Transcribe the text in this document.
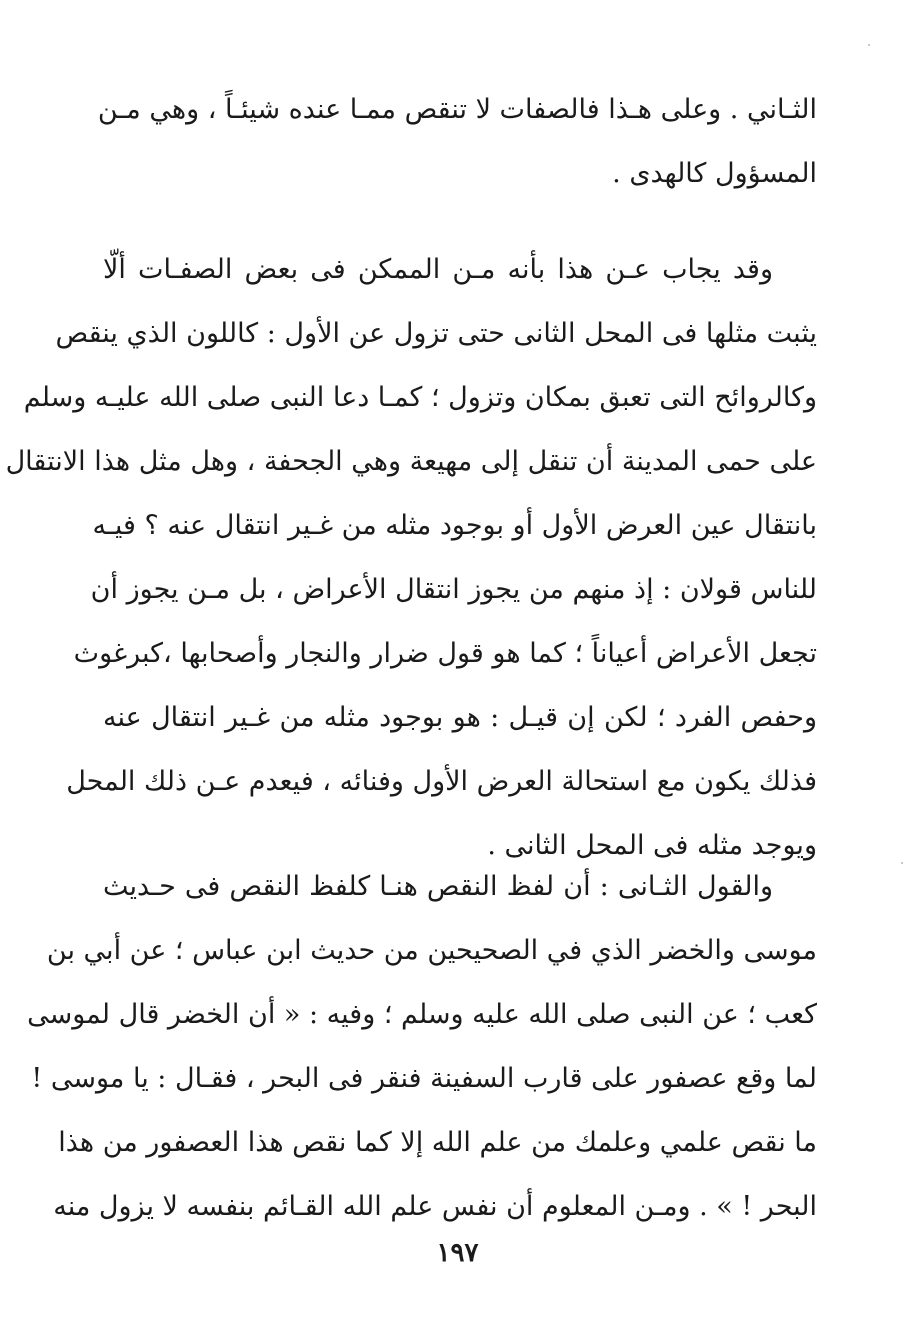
الثـاني . وعلى هـذا فالصفات لا تنقص ممـا عنده شيئـاً ، وهي مـن
المسؤول كالهدى .
وقد يجاب عـن هذا بأنه مـن الممكن فى بعض الصفـات ألّا
يثبت مثلها فى المحل الثانى حتى تزول عن الأول : كاللون الذي ينقص
وكالروائح التى تعبق بمكان وتزول ؛ كمـا دعا النبى صلى الله عليـه وسلم
على حمى المدينة أن تنقل إلى مهيعة وهي الجحفة ، وهل مثل هذا الانتقال
بانتقال عين العرض الأول أو بوجود مثله من غـير انتقال عنه ؟ فيـه
للناس قولان : إذ منهم من يجوز انتقال الأعراض ، بل مـن يجوز أن
تجعل الأعراض أعياناً ؛ كما هو قول ضرار والنجار وأصحابها ،كبرغوث
وحفص الفرد ؛ لكن إن قيـل : هو بوجود مثله من غـير انتقال عنه
فذلك يكون مع استحالة العرض الأول وفنائه ، فيعدم عـن ذلك المحل
ويوجد مثله فى المحل الثانى .
والقول الثـانى : أن لفظ النقص هنـا كلفظ النقص فى حـديث
موسى والخضر الذي في الصحيحين من حديث ابن عباس ؛ عن أبي بن
كعب ؛ عن النبى صلى الله عليه وسلم ؛ وفيه : « أن الخضر قال لموسى
لما وقع عصفور على قارب السفينة فنقر فى البحر ، فقـال : يا موسى !
ما نقص علمي وعلمك من علم الله إلا كما نقص هذا العصفور من هذا
البحر ! » . ومـن المعلوم أن نفس علم الله القـائم بنفسه لا يزول منه
١٩٧
